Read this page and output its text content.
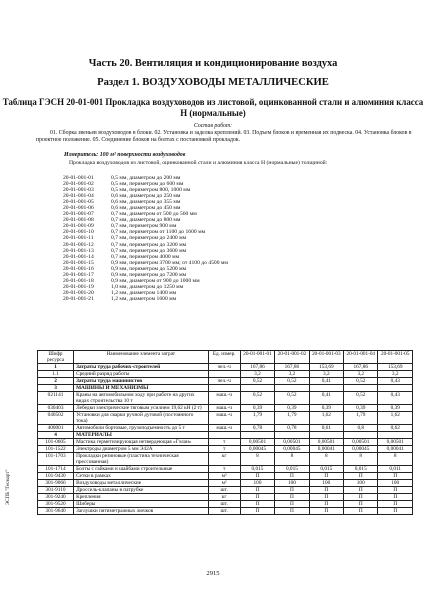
Часть 20. Вентиляция и кондиционирование воздуха
Раздел 1. ВОЗДУХОВОДЫ МЕТАЛЛИЧЕСКИЕ
Таблица ГЭСН 20-01-001 Прокладка воздуховодов из листовой, оцинкованной стали и алюминия класса Н (нормальные)
Состав работ:
01. Сборка звеньев воздуховодов в блоки. 02. Установка и заделка креплений. 03. Подъем блоков и временная их подвеска. 04. Установка блоков в проектное положение. 05. Соединение блоков на болтах с постановкой прокладок.
Измеритель: 100 м² поверхности воздуховодов
Прокладка воздуховодов из листовой, оцинкованной стали и алюминия класса Н (нормальные) толщиной:
20-01-001-01	0,5 мм, диаметром до 200 мм
20-01-001-02	0,5 мм, периметром до 600 мм
20-01-001-03	0,5 мм, периметром 800, 1000 мм
20-01-001-04	0,6 мм, диаметром до 250 мм
20-01-001-05	0,6 мм, диаметром до 355 мм
20-01-001-06	0,6 мм, диаметром до 450 мм
20-01-001-07	0,7 мм, диаметром от 500 до 560 мм
20-01-001-08	0,7 мм, диаметром до 800 мм
20-01-001-09	0,7 мм, периметром 900 мм
20-01-001-10	0,7 мм, периметром от 1100 до 1600 мм
20-01-001-11	0,7 мм, периметром до 2400 мм
20-01-001-12	0,7 мм, периметром до 3200 мм
20-01-001-13	0,7 мм, периметром до 3600 мм
20-01-001-14	0,7 мм, периметром 4000 мм
20-01-001-15	0,9 мм, периметром 3700 мм; от 4100 до 4500 мм
20-01-001-16	0,9 мм, периметром до 5200 мм
20-01-001-17	0,9 мм, периметром до 7200 мм
20-01-001-18	0,9 мм, диаметром от 900 до 1000 мм
20-01-001-19	1,0 мм, диаметром до 1250 мм
20-01-001-20	1,2 мм, диаметром 1400 мм
20-01-001-21	1,2 мм, диаметром 1600 мм
Шифр ресурса	Наименование элемента затрат	Ед. измер.	20-01-001-01	20-01-001-02	20-01-001-03	20-01-001-04	20-01-001-05
1	Затраты труда рабочих-строителей	чел.-ч	167,86	167,86	153,69	167,86	153,69
1.1	Средний разряд работы		3,2	3,2	3,2	3,2	3,2
2	Затраты труда машинистов	чел.-ч	0,52	0,52	0,41	0,52	0,43
3	МАШИНЫ И МЕХАНИЗМЫ						
021141	Краны на автомобильном ходу при работе на других видах строительства 10 т	маш.-ч	0,52	0,52	0,41	0,52	0,43
030403	Лебедки электрические тяговым усилием 19,62 кН (2 т)	маш.-ч	0,39	0,39	0,39	0,39	0,39
040502	Установки для сварки ручной дуговой (постоянного тока)	маш.-ч	1,79	1,79	1,62	1,79	1,62
400001	Автомобили бортовые, грузоподъемность до 5 т	маш.-ч	0,78	0,78	0,61	0,8	0,62
4	МАТЕРИАЛЫ						
101-0605	Мастика герметизирующая нетвердеющая «Гэлан»	т	0,00501	0,00501	0,00501	0,00501	0,00501
101-1522	Электроды диаметром 5 мм Э42А	т	0,00045	0,00045	0,00041	0,00045	0,00041
101-1703	Прокладки резиновые (пластина техническая прессованная)	кг	8	8	8	8	8
101-1714	Болты с гайками и шайбами строительные	т	0,015	0,015	0,015	0,015	0,011
101-9430	Сетки в рамках	м²	П	П	П	П	П
301-9066	Воздуховоды металлические	м²	100	100	100	100	100
301-9110	Дроссель-клапаны в патрубке	шт.	П	П	П	П	П
301-9240	Крепления	кг	П	П	П	П	П
301-9520	Шиберы	шт.	П	П	П	П	П
301-9640	Заглушки пятиметражных лючков	шт.	П	П	П	П	П
ЭСПБ "Гесмарт"
2915
